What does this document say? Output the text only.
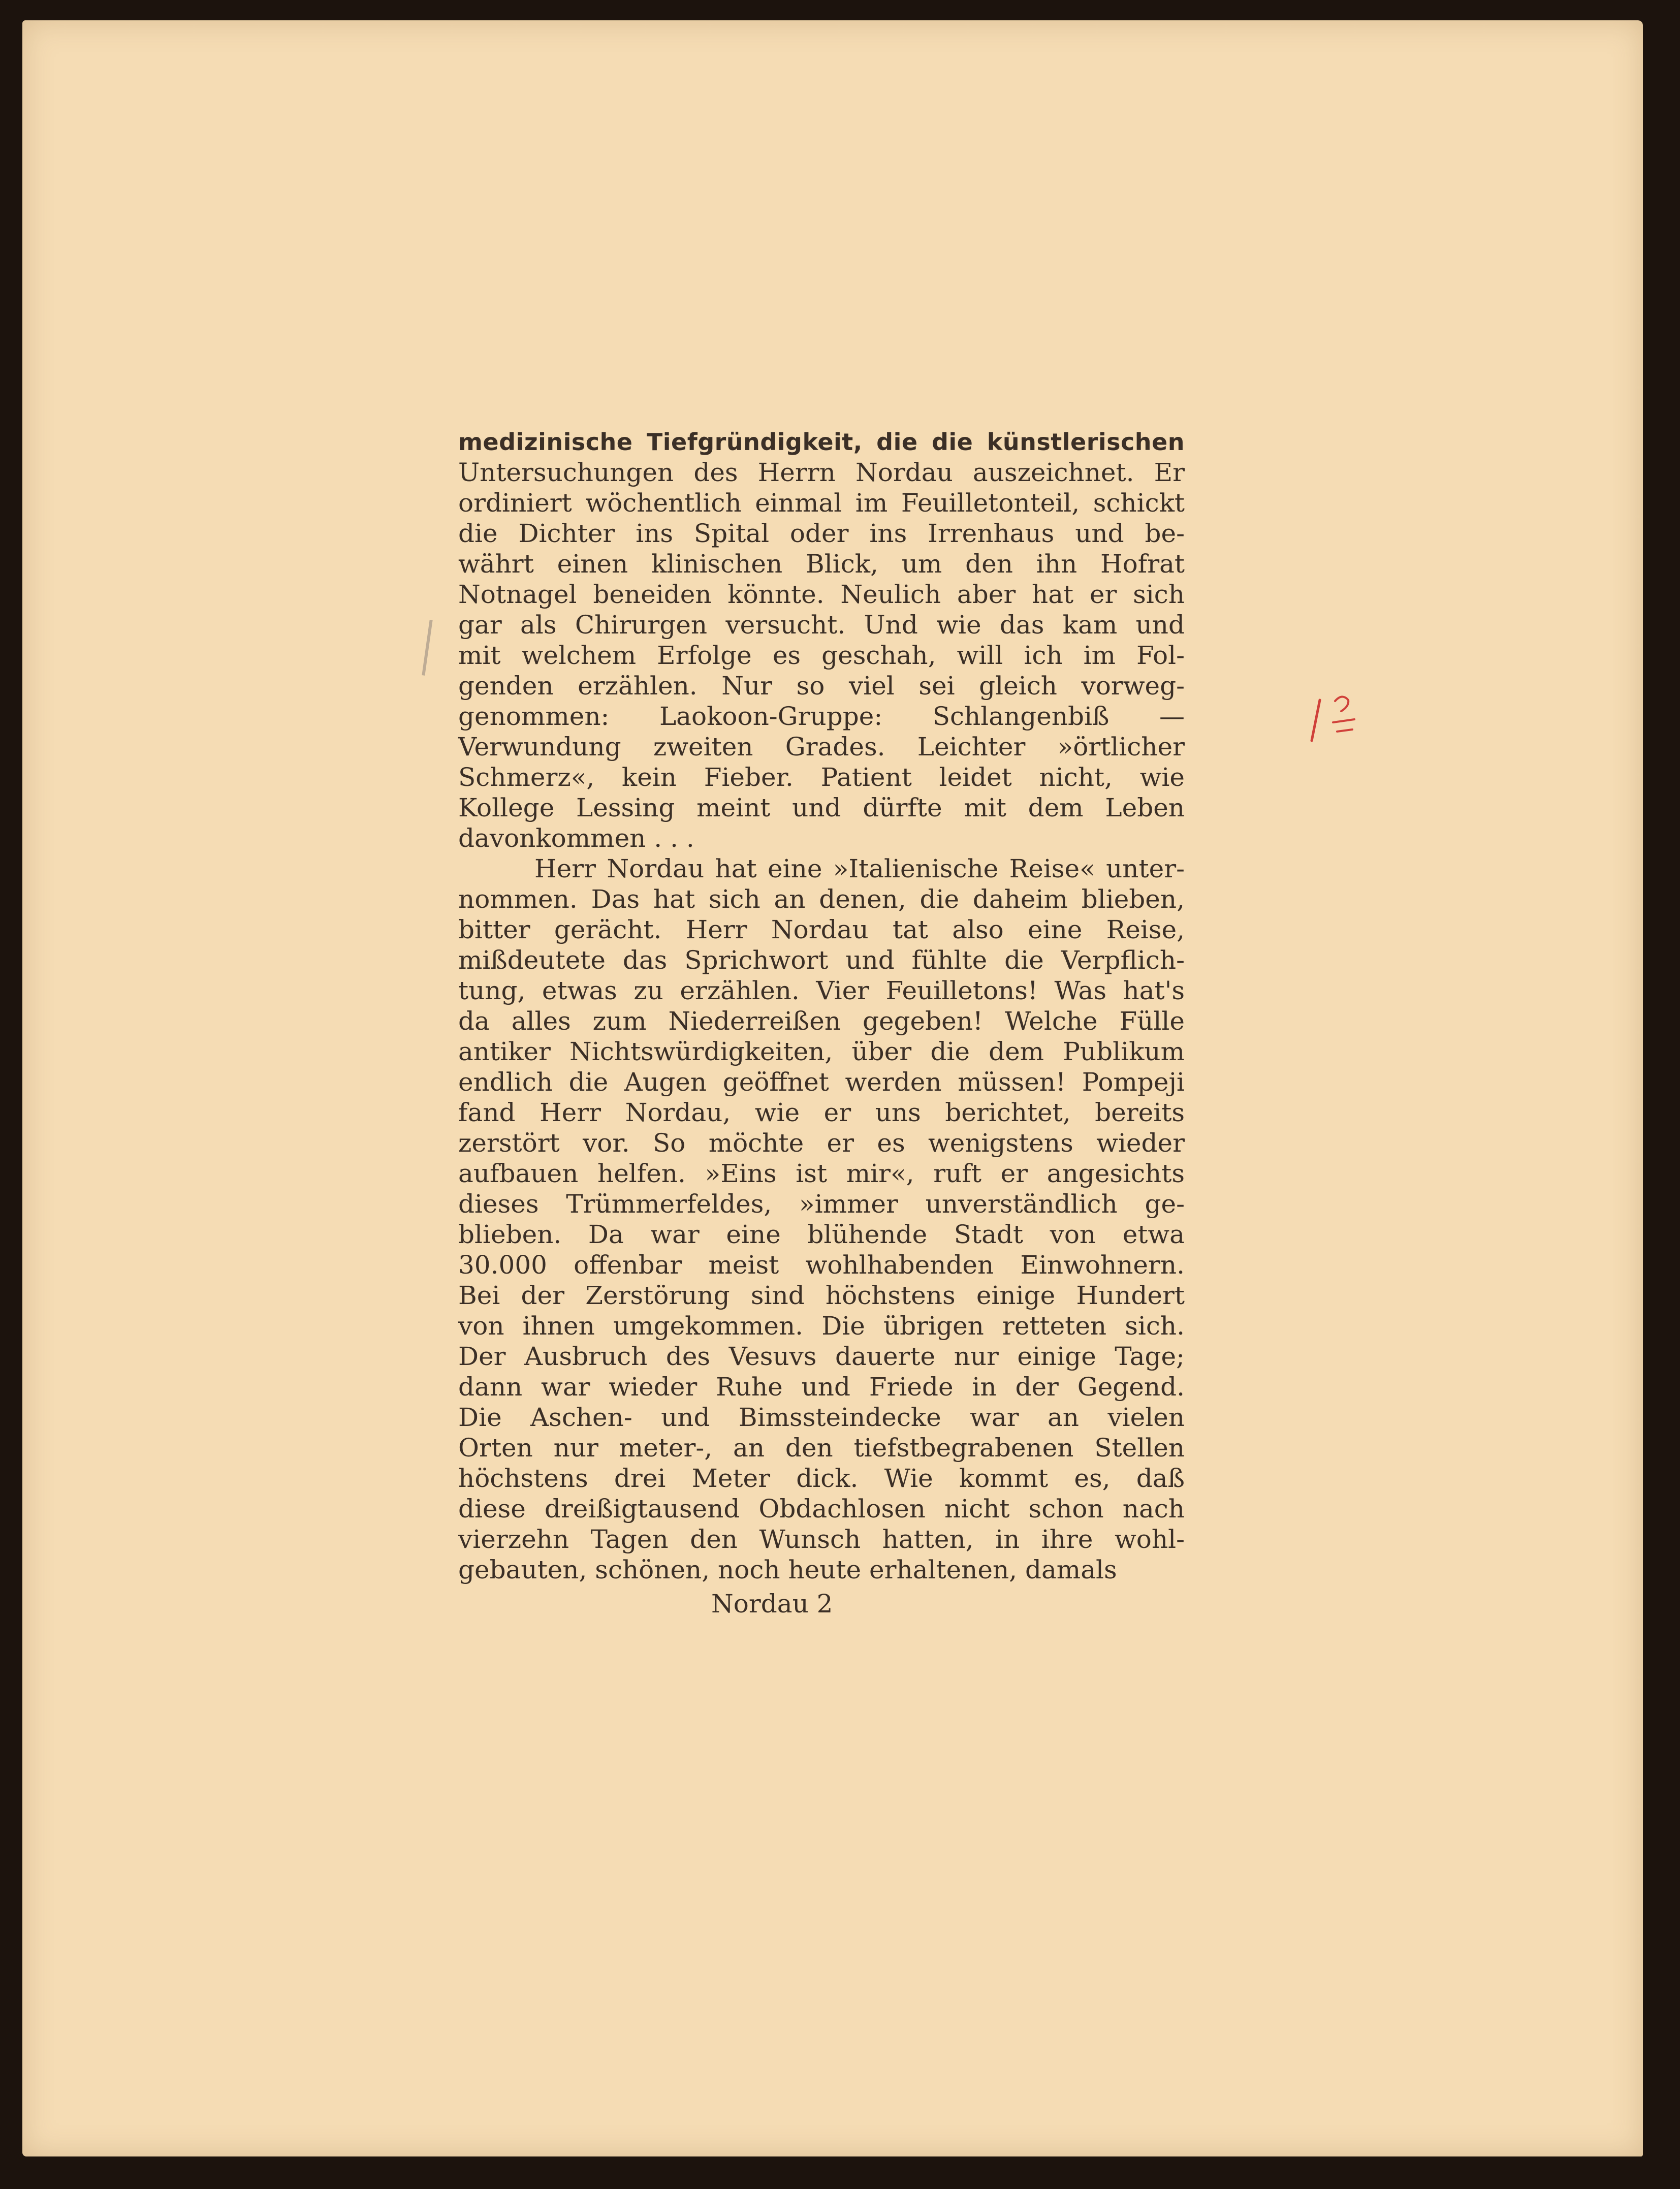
medizinische Tiefgründigkeit, die die künstlerischen
Untersuchungen des Herrn Nordau auszeichnet. Er
ordiniert wöchentlich einmal im Feuilletonteil, schickt
die Dichter ins Spital oder ins Irrenhaus und be-
währt einen klinischen Blick, um den ihn Hofrat
Notnagel beneiden könnte. Neulich aber hat er sich
gar als Chirurgen versucht. Und wie das kam und
mit welchem Erfolge es geschah, will ich im Fol-
genden erzählen. Nur so viel sei gleich vorweg-
genommen: Laokoon-Gruppe: Schlangenbiß —
Verwundung zweiten Grades. Leichter »örtlicher
Schmerz«, kein Fieber. Patient leidet nicht, wie
Kollege Lessing meint und dürfte mit dem Leben
davonkommen . . .
Herr Nordau hat eine »Italienische Reise« unter-
nommen. Das hat sich an denen, die daheim blieben,
bitter gerächt. Herr Nordau tat also eine Reise,
mißdeutete das Sprichwort und fühlte die Verpflich-
tung, etwas zu erzählen. Vier Feuilletons! Was hat's
da alles zum Niederreißen gegeben! Welche Fülle
antiker Nichtswürdigkeiten, über die dem Publikum
endlich die Augen geöffnet werden müssen! Pompeji
fand Herr Nordau, wie er uns berichtet, bereits
zerstört vor. So möchte er es wenigstens wieder
aufbauen helfen. »Eins ist mir«, ruft er angesichts
dieses Trümmerfeldes, »immer unverständlich ge-
blieben. Da war eine blühende Stadt von etwa
30.000 offenbar meist wohlhabenden Einwohnern.
Bei der Zerstörung sind höchstens einige Hundert
von ihnen umgekommen. Die übrigen retteten sich.
Der Ausbruch des Vesuvs dauerte nur einige Tage;
dann war wieder Ruhe und Friede in der Gegend.
Die Aschen- und Bimssteindecke war an vielen
Orten nur meter-, an den tiefstbegrabenen Stellen
höchstens drei Meter dick. Wie kommt es, daß
diese dreißigtausend Obdachlosen nicht schon nach
vierzehn Tagen den Wunsch hatten, in ihre wohl-
gebauten, schönen, noch heute erhaltenen, damals
Nordau 2
